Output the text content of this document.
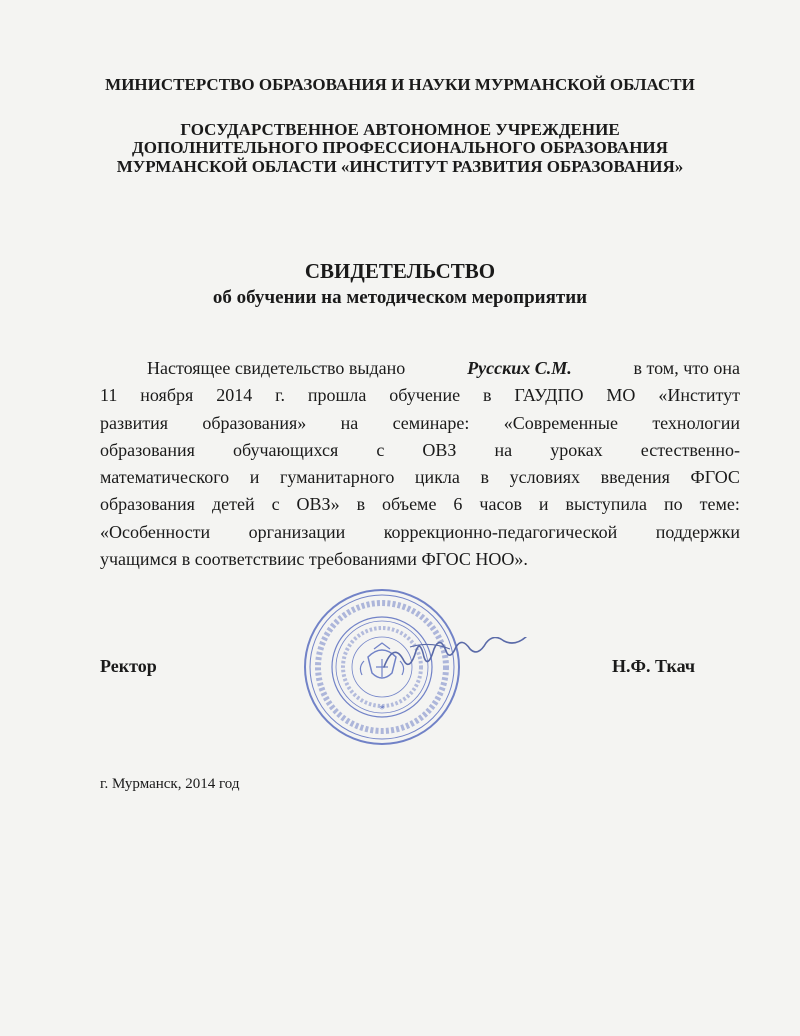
МИНИСТЕРСТВО ОБРАЗОВАНИЯ И НАУКИ МУРМАНСКОЙ ОБЛАСТИ
ГОСУДАРСТВЕННОЕ АВТОНОМНОЕ УЧРЕЖДЕНИЕ
ДОПОЛНИТЕЛЬНОГО ПРОФЕССИОНАЛЬНОГО ОБРАЗОВАНИЯ
МУРМАНСКОЙ ОБЛАСТИ «ИНСТИТУТ РАЗВИТИЯ ОБРАЗОВАНИЯ»
СВИДЕТЕЛЬСТВО
об обучении на методическом мероприятии
Настоящее свидетельство выдано	Русских С.М.	в том, что она
11 ноября 2014 г. прошла обучение в ГАУДПО МО «Институт
развития образования» на семинаре: «Современные технологии
образования обучающихся с ОВЗ на уроках естественно-
математического и гуманитарного цикла в условиях введения ФГОС
образования детей с ОВЗ» в объеме 6 часов и выступила по теме:
«Особенности организации коррекционно-педагогической поддержки
учащимся в соответствиис требованиями ФГОС НОО».
*
Ректор	Н.Ф. Ткач
г. Мурманск, 2014 год
